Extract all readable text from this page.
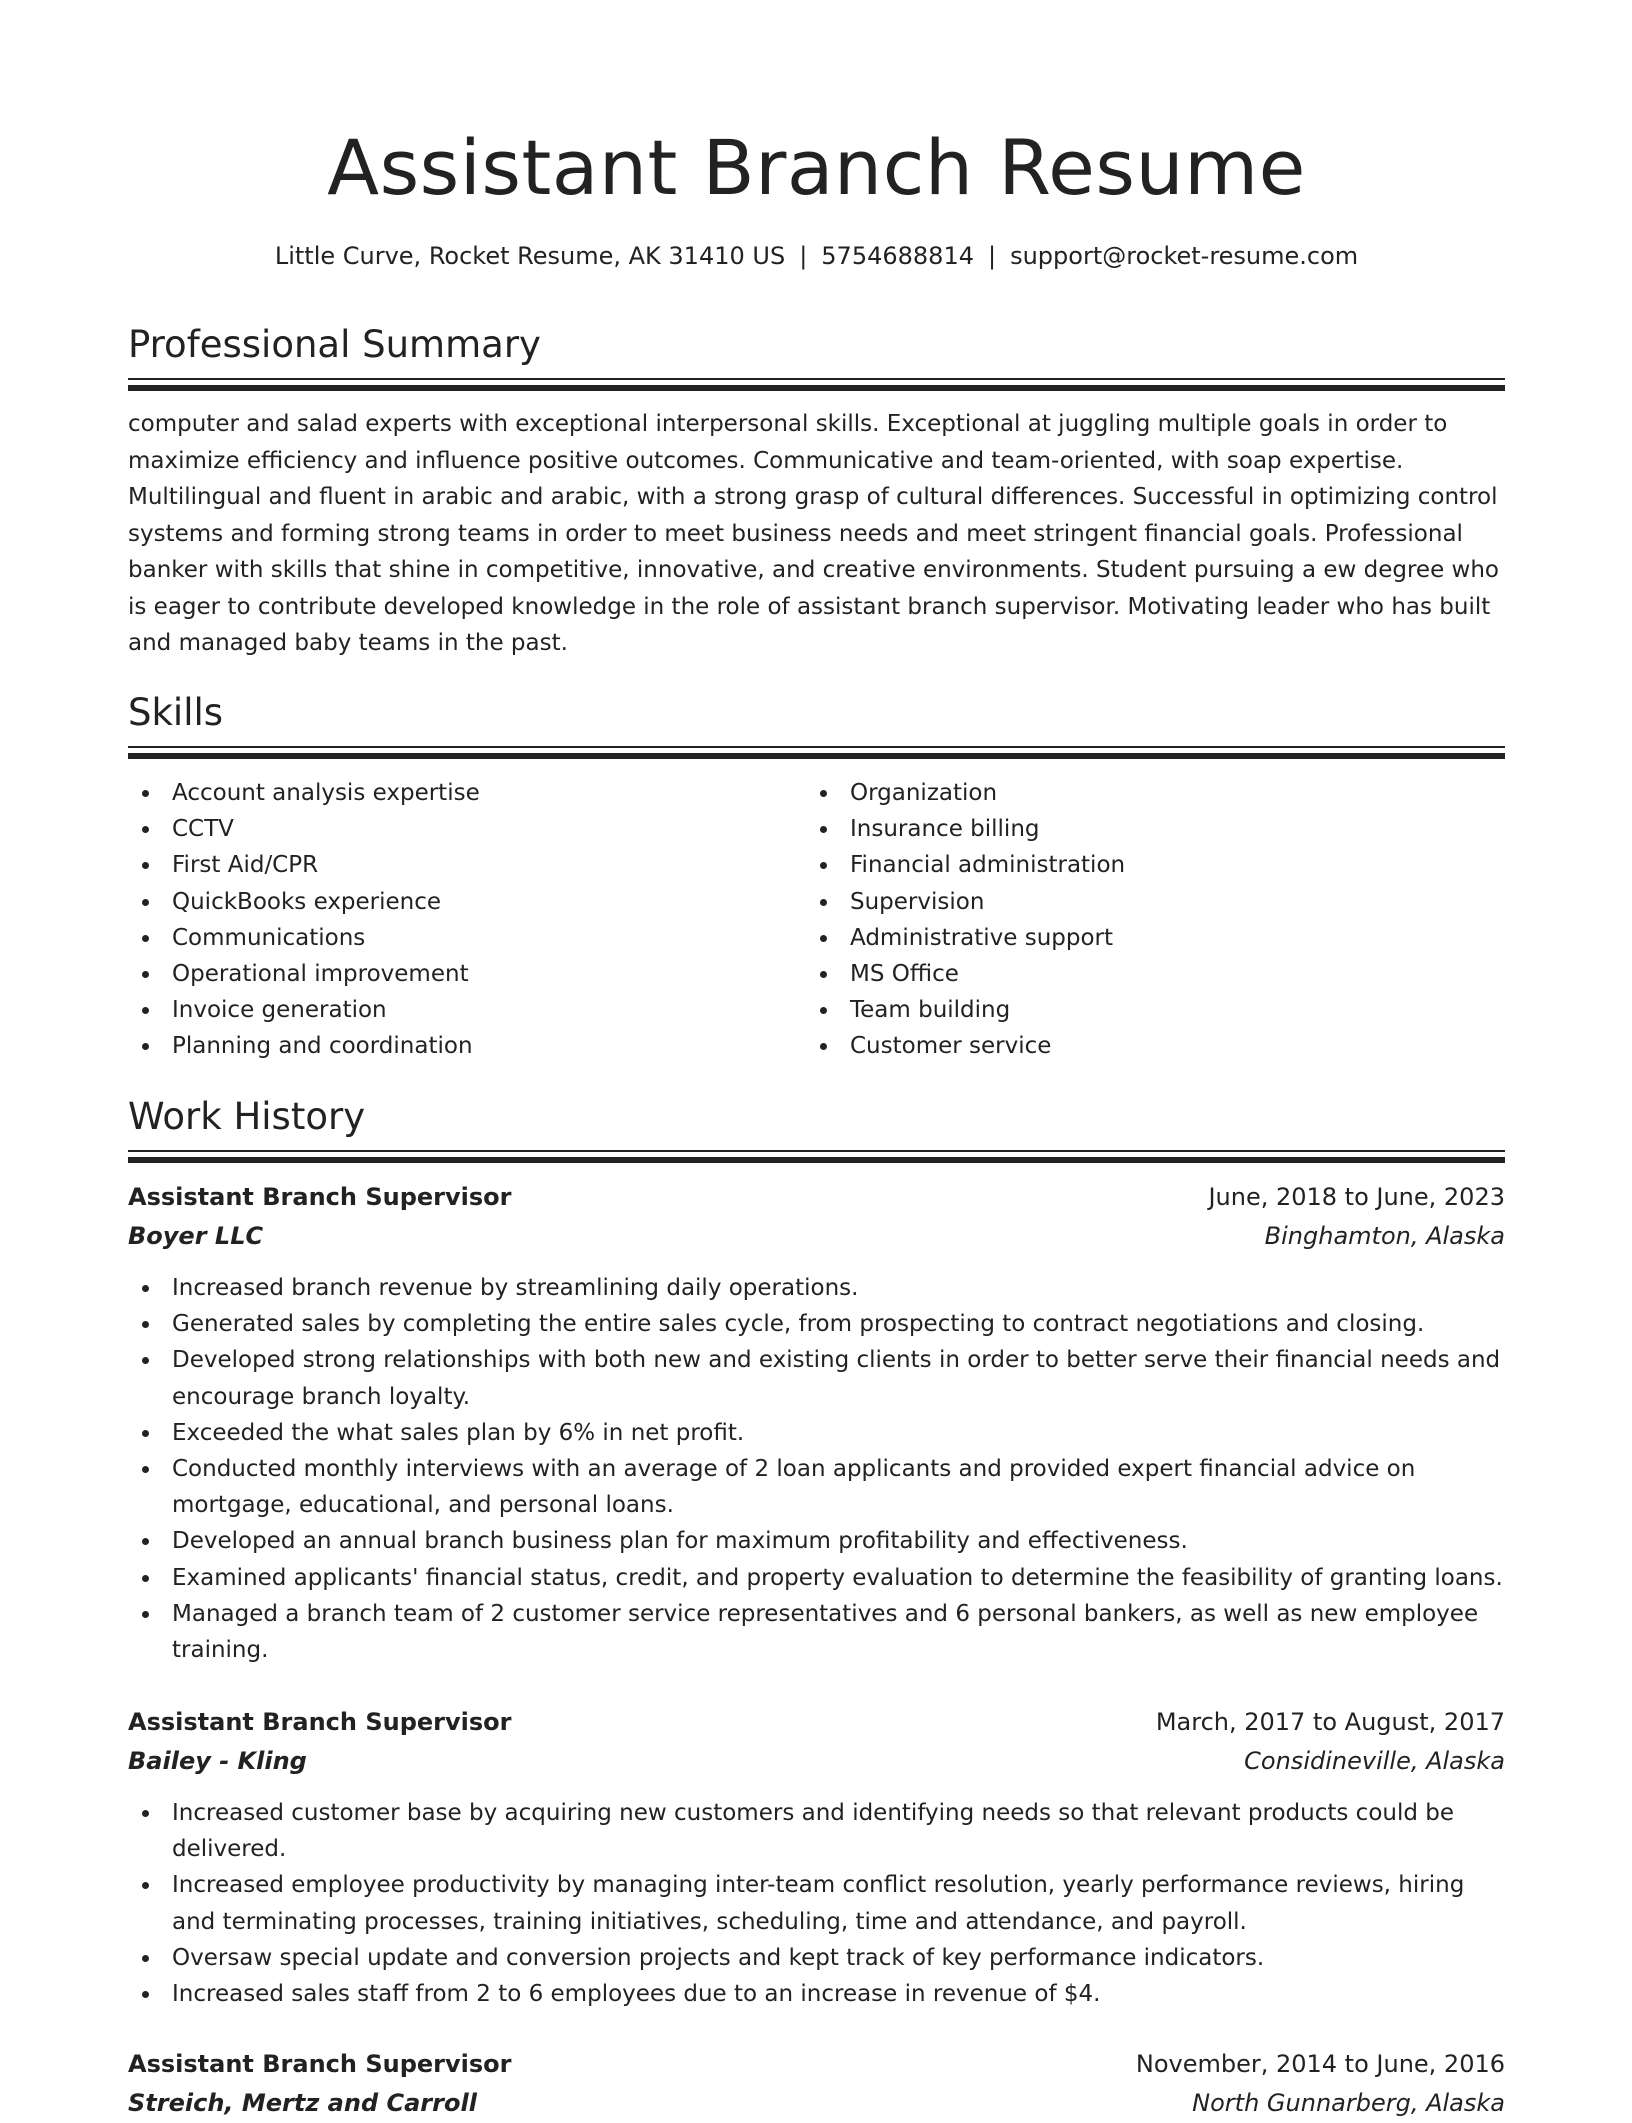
Assistant Branch Resume
Little Curve, Rocket Resume, AK 31410 US | 5754688814 | support@rocket-resume.com
Professional Summary

computer and salad experts with exceptional interpersonal skills. Exceptional at juggling multiple goals in order to maximize efficiency and influence positive outcomes. Communicative and team-oriented, with soap expertise. Multilingual and fluent in arabic and arabic, with a strong grasp of cultural differences. Successful in optimizing control systems and forming strong teams in order to meet business needs and meet stringent financial goals. Professional banker with skills that shine in competitive, innovative, and creative environments. Student pursuing a ew degree who is eager to contribute developed knowledge in the role of assistant branch supervisor. Motivating leader who has built and managed baby teams in the past.

Skills
Account analysis expertise
CCTV
First Aid/CPR
QuickBooks experience
Communications
Operational improvement
Invoice generation
Planning and coordination
Organization
Insurance billing
Financial administration
Supervision
Administrative support
MS Office
Team building
Customer service
Work History
Assistant Branch Supervisor	June, 2018 to June, 2023
Boyer LLC	Binghamton, Alaska
Increased branch revenue by streamlining daily operations.
Generated sales by completing the entire sales cycle, from prospecting to contract negotiations and closing.
Developed strong relationships with both new and existing clients in order to better serve their financial needs and encourage branch loyalty.
Exceeded the what sales plan by 6% in net profit.
Conducted monthly interviews with an average of 2 loan applicants and provided expert financial advice on mortgage, educational, and personal loans.
Developed an annual branch business plan for maximum profitability and effectiveness.
Examined applicants' financial status, credit, and property evaluation to determine the feasibility of granting loans.
Managed a branch team of 2 customer service representatives and 6 personal bankers, as well as new employee training.
Assistant Branch Supervisor	March, 2017 to August, 2017
Bailey - Kling	Considineville, Alaska
Increased customer base by acquiring new customers and identifying needs so that relevant products could be delivered.
Increased employee productivity by managing inter-team conflict resolution, yearly performance reviews, hiring and terminating processes, training initiatives, scheduling, time and attendance, and payroll.
Oversaw special update and conversion projects and kept track of key performance indicators.
Increased sales staff from 2 to 6 employees due to an increase in revenue of $4.
Assistant Branch Supervisor	November, 2014 to June, 2016
Streich, Mertz and Carroll	North Gunnarberg, Alaska
